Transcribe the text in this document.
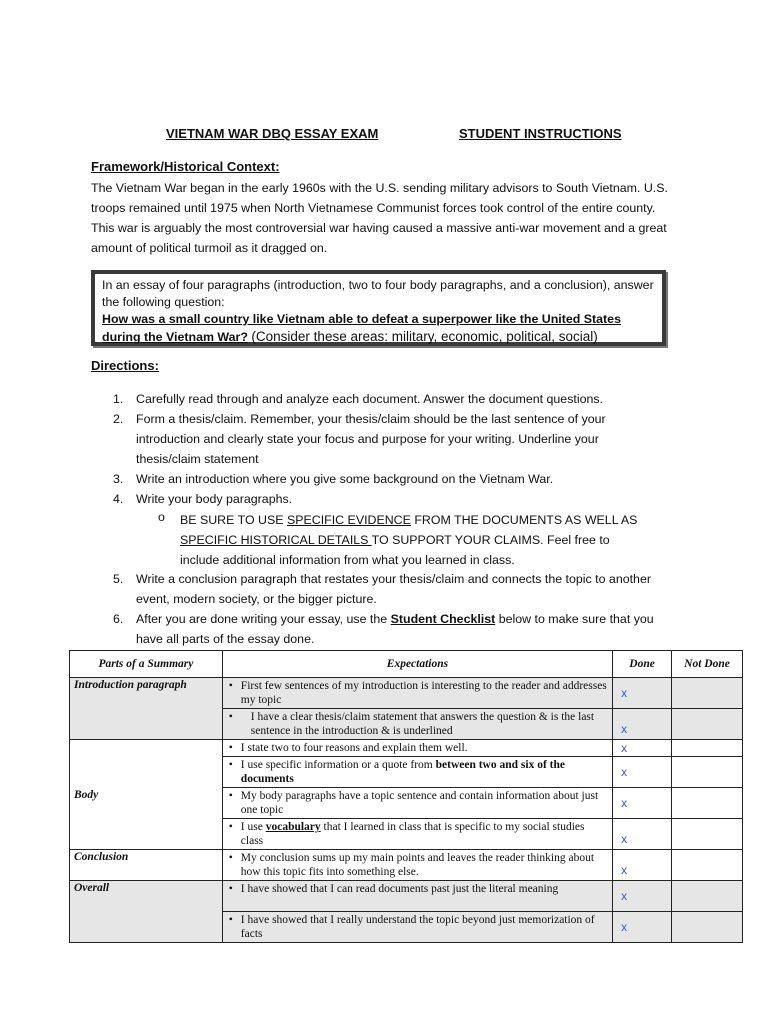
VIETNAM WAR DBQ ESSAY EXAM	STUDENT INSTRUCTIONS
Framework/Historical Context:
The Vietnam War began in the early 1960s with the U.S. sending military advisors to South Vietnam. U.S. troops remained until 1975 when North Vietnamese Communist forces took control of the entire county. This war is arguably the most controversial war having caused a massive anti-war movement and a great amount of political turmoil as it dragged on.
In an essay of four paragraphs (introduction, two to four body paragraphs, and a conclusion), answer the following question:
How was a small country like Vietnam able to defeat a superpower like the United States during the Vietnam War? (Consider these areas: military, economic, political, social)
Directions:
1. Carefully read through and analyze each document. Answer the document questions.
2. Form a thesis/claim. Remember, your thesis/claim should be the last sentence of your introduction and clearly state your focus and purpose for your writing. Underline your thesis/claim statement
3. Write an introduction where you give some background on the Vietnam War.
4. Write your body paragraphs.
o BE SURE TO USE SPECIFIC EVIDENCE FROM THE DOCUMENTS AS WELL AS SPECIFIC HISTORICAL DETAILS TO SUPPORT YOUR CLAIMS. Feel free to include additional information from what you learned in class.
5. Write a conclusion paragraph that restates your thesis/claim and connects the topic to another event, modern society, or the bigger picture.
6. After you are done writing your essay, use the Student Checklist below to make sure that you have all parts of the essay done.
Parts of a Summary	Expectations	Done	Not Done
Introduction paragraph	• First few sentences of my introduction is interesting to the reader and addresses my topic	x	
	• I have a clear thesis/claim statement that answers the question & is the last sentence in the introduction & is underlined	x	
Body	• I state two to four reasons and explain them well.	x	
	• I use specific information or a quote from between two and six of the documents	x	
	• My body paragraphs have a topic sentence and contain information about just one topic	x	
	• I use vocabulary that I learned in class that is specific to my social studies class	x	
Conclusion	• My conclusion sums up my main points and leaves the reader thinking about how this topic fits into something else.	x	
Overall	• I have showed that I can read documents past just the literal meaning	x	
	• I have showed that I really understand the topic beyond just memorization of facts	x	
